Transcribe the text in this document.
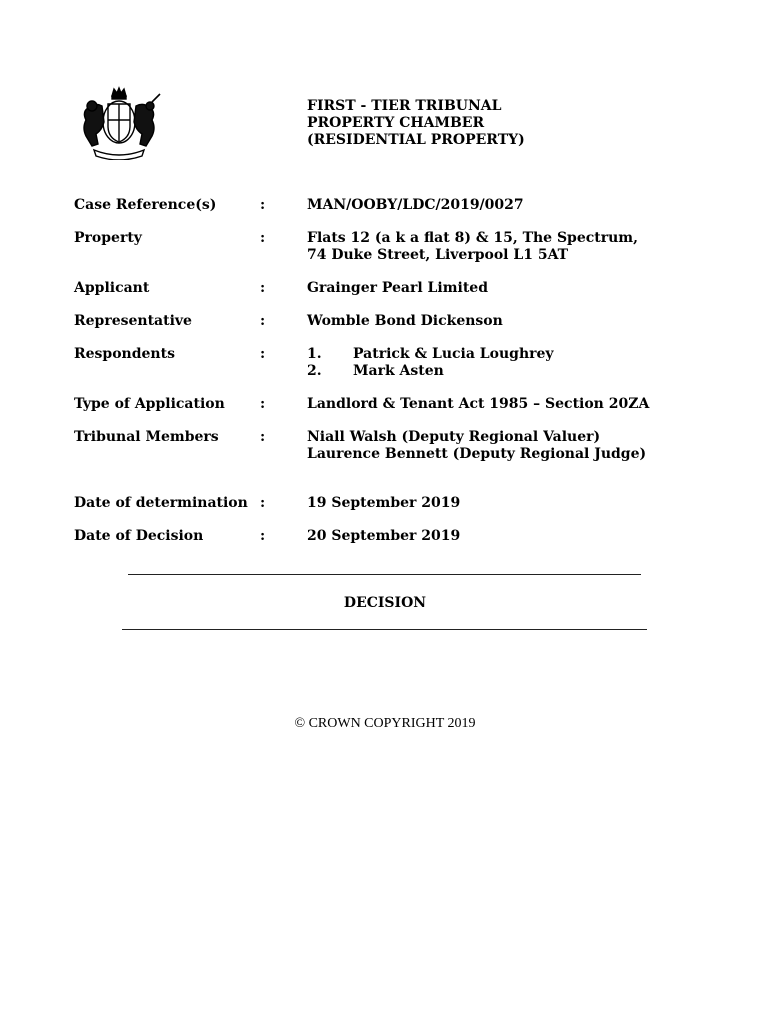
FIRST - TIER TRIBUNAL
PROPERTY CHAMBER
(RESIDENTIAL PROPERTY)
Case Reference(s)	:	MAN/OOBY/LDC/2019/0027
Property	:	Flats 12 (a k a flat 8) & 15, The Spectrum,
74 Duke Street, Liverpool L1 5AT
Applicant	:	Grainger Pearl Limited
Representative	:	Womble Bond Dickenson
Respondents	:	1. Patrick & Lucia Loughrey
2. Mark Asten
Type of Application	:	Landlord & Tenant Act 1985 – Section 20ZA
Tribunal Members	:	Niall Walsh (Deputy Regional Valuer)
Laurence Bennett (Deputy Regional Judge)
Date of determination :	19 September 2019
Date of Decision	:	20 September 2019
DECISION
© CROWN COPYRIGHT 2019
